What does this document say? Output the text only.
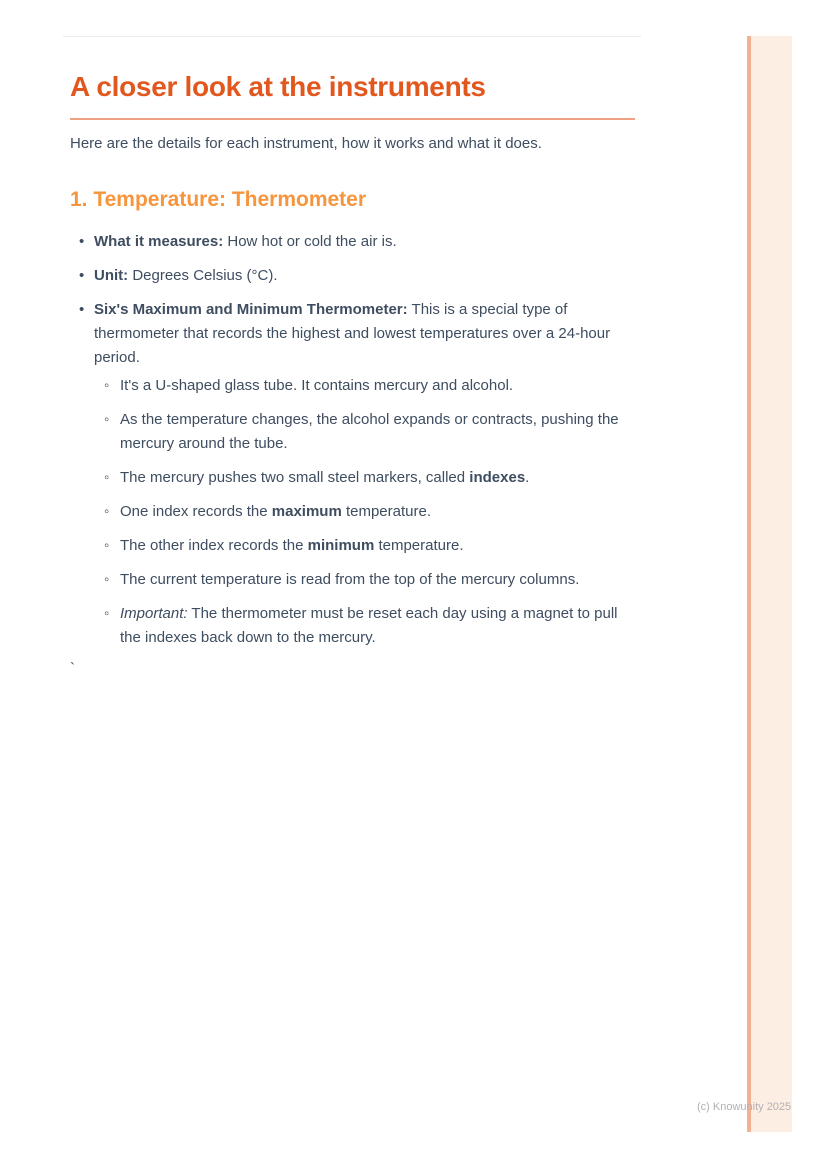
A closer look at the instruments

Here are the details for each instrument, how it works and what it does.

1. Temperature: Thermometer
• What it measures: How hot or cold the air is.
• Unit: Degrees Celsius (°C).
• Six's Maximum and Minimum Thermometer: This is a special type of thermometer that records the highest and lowest temperatures over a 24-hour period.
◦ It's a U-shaped glass tube. It contains mercury and alcohol.
◦ As the temperature changes, the alcohol expands or contracts, pushing the mercury around the tube.
◦ The mercury pushes two small steel markers, called indexes.
◦ One index records the maximum temperature.
◦ The other index records the minimum temperature.
◦ The current temperature is read from the top of the mercury columns.
◦ Important: The thermometer must be reset each day using a magnet to pull the indexes back down to the mercury.
`
(c) Knowunity 2025
